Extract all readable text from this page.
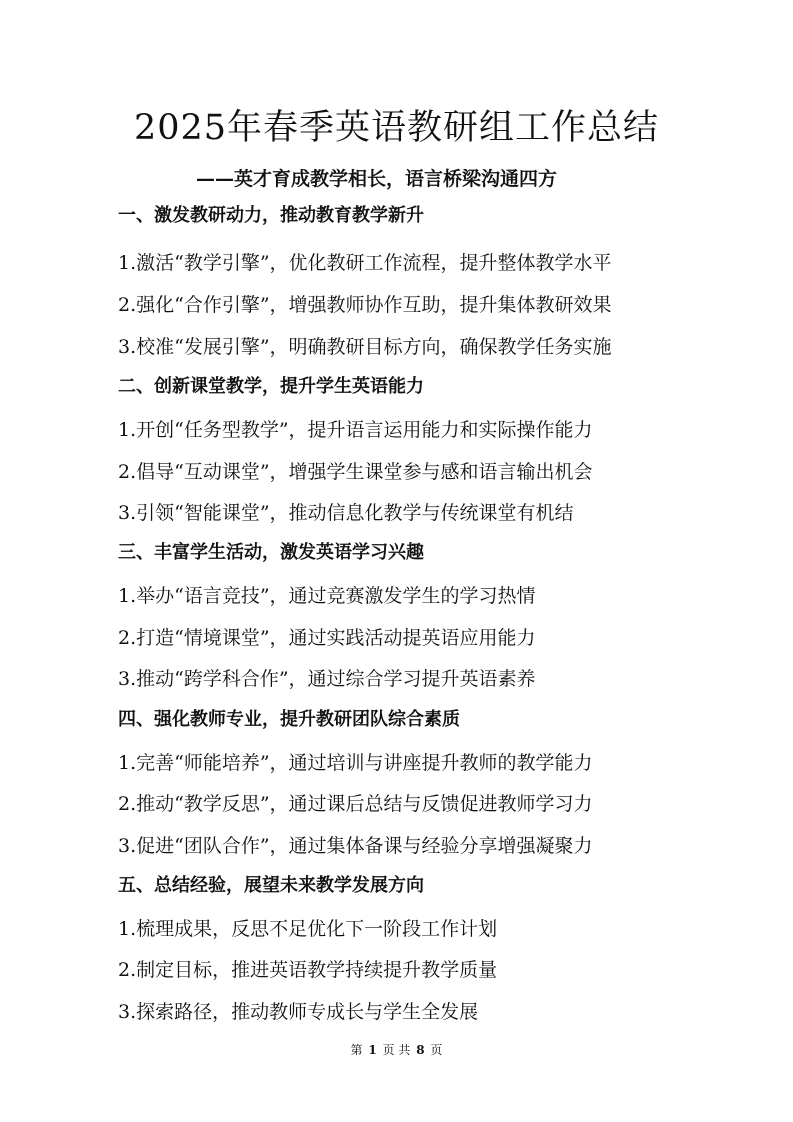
2025年春季英语教研组工作总结
——英才育成教学相长，语言桥梁沟通四方
一、激发教研动力，推动教育教学新升
1.激活“教学引擎”，优化教研工作流程，提升整体教学水平
2.强化“合作引擎”，增强教师协作互助，提升集体教研效果
3.校准“发展引擎”，明确教研目标方向，确保教学任务实施
二、创新课堂教学，提升学生英语能力
1.开创“任务型教学”，提升语言运用能力和实际操作能力
2.倡导“互动课堂”，增强学生课堂参与感和语言输出机会
3.引领“智能课堂”，推动信息化教学与传统课堂有机结
三、丰富学生活动，激发英语学习兴趣
1.举办“语言竞技”，通过竞赛激发学生的学习热情
2.打造“情境课堂”，通过实践活动提英语应用能力
3.推动“跨学科合作”，通过综合学习提升英语素养
四、强化教师专业，提升教研团队综合素质
1.完善“师能培养”，通过培训与讲座提升教师的教学能力
2.推动“教学反思”，通过课后总结与反馈促进教师学习力
3.促进“团队合作”，通过集体备课与经验分享增强凝聚力
五、总结经验，展望未来教学发展方向
1.梳理成果，反思不足优化下一阶段工作计划
2.制定目标，推进英语教学持续提升教学质量
3.探索路径，推动教师专成长与学生全发展
第 1 页 共 8 页
